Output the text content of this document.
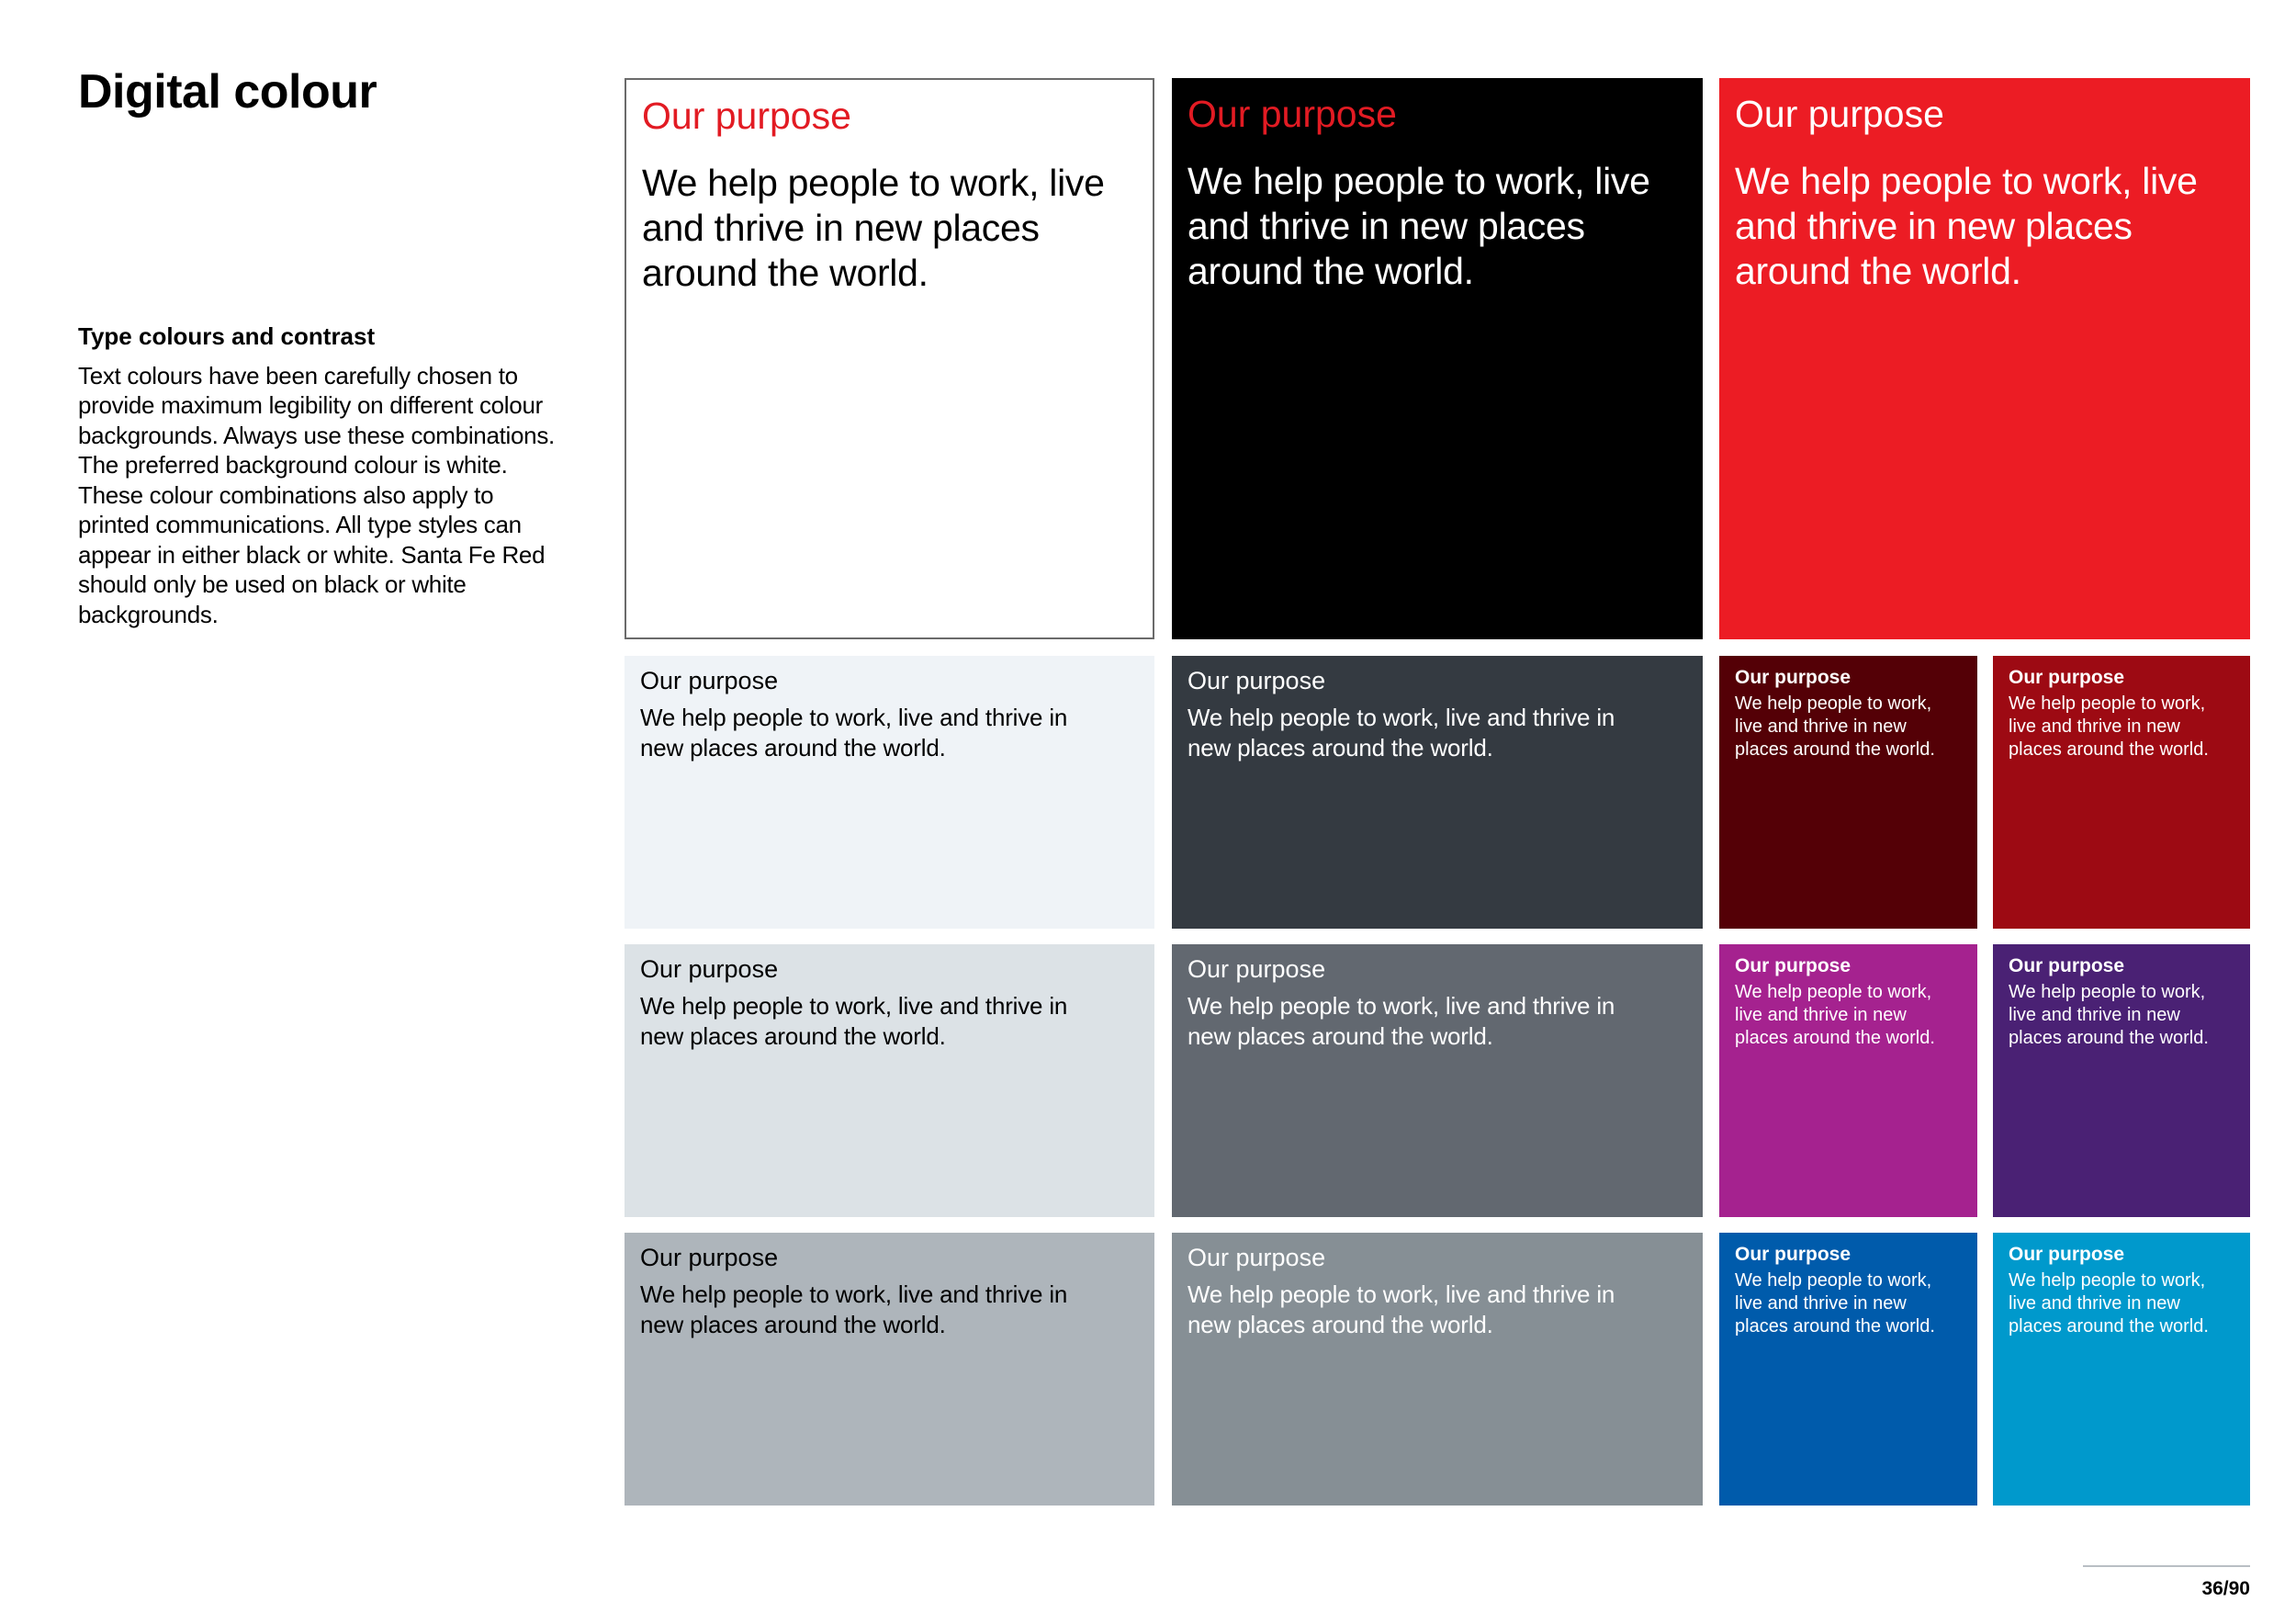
Digital colour
Type colours and contrast

Text colours have been carefully chosen to provide maximum legibility on different colour backgrounds. Always use these combinations. The preferred background colour is white. These colour combinations also apply to printed communications. All type styles can appear in either black or white. Santa Fe Red should only be used on black or white backgrounds.

Our purpose
We help people to work, live and thrive in new places around the world.
Our purpose
We help people to work, live and thrive in new places around the world.
Our purpose
We help people to work, live and thrive in new places around the world.
Our purpose
We help people to work, live and thrive in new places around the world.
Our purpose
We help people to work, live and thrive in new places around the world.
Our purpose
We help people to work, live and thrive in new places around the world.
Our purpose
We help people to work, live and thrive in new places around the world.
Our purpose
We help people to work, live and thrive in new places around the world.
Our purpose
We help people to work, live and thrive in new places around the world.
Our purpose
We help people to work, live and thrive in new places around the world.
Our purpose
We help people to work, live and thrive in new places around the world.
Our purpose
We help people to work, live and thrive in new places around the world.
Our purpose
We help people to work, live and thrive in new places around the world.
Our purpose
We help people to work, live and thrive in new places around the world.
Our purpose
We help people to work, live and thrive in new places around the world.
36/90
